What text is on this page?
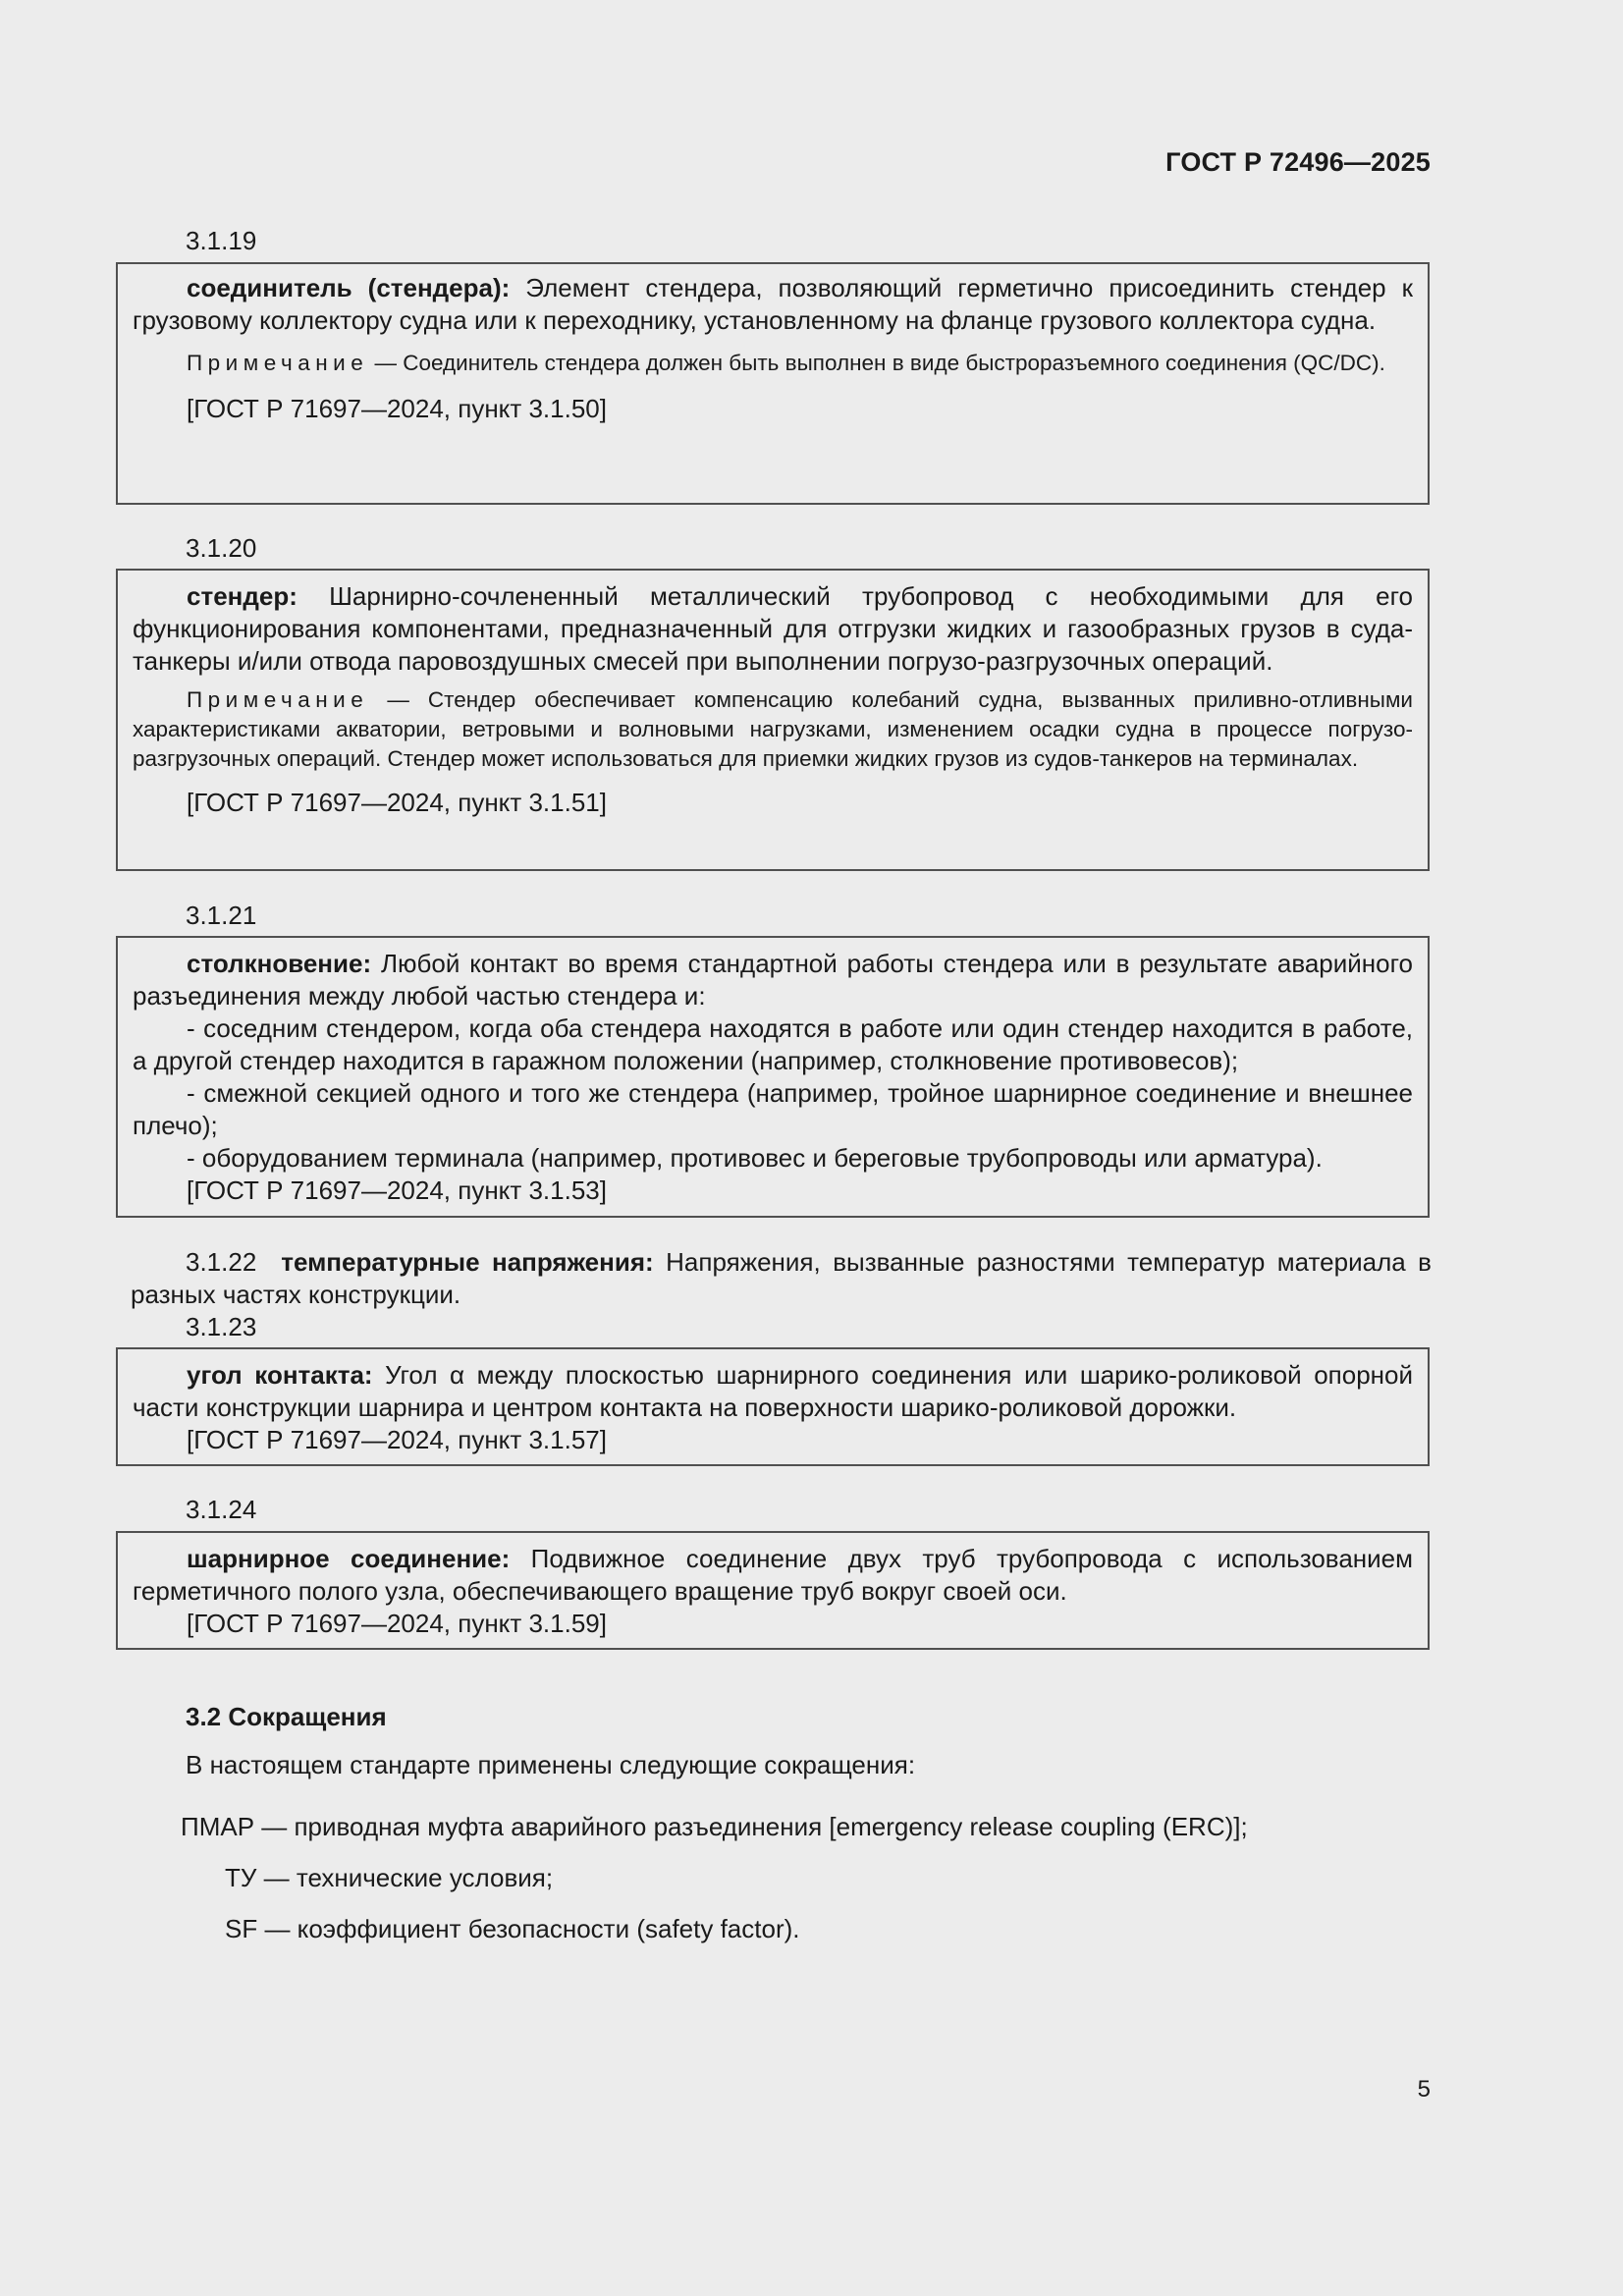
ГОСТ Р 72496—2025
3.1.19

соединитель (стендера): Элемент стендера, позволяющий герметично присоединить стендер к грузовому коллектору судна или к переходнику, установленному на фланце грузового коллектора судна.

Примечание — Соединитель стендера должен быть выполнен в виде быстроразъемного соединения (QC/DC).

[ГОСТ Р 71697—2024, пункт 3.1.50]

3.1.20

стендер: Шарнирно-сочлененный металлический трубопровод с необходимыми для его функционирования компонентами, предназначенный для отгрузки жидких и газообразных грузов в суда-танкеры и/или отвода паровоздушных смесей при выполнении погрузо-разгрузочных операций.

Примечание — Стендер обеспечивает компенсацию колебаний судна, вызванных приливно-отливными характеристиками акватории, ветровыми и волновыми нагрузками, изменением осадки судна в процессе погрузо-разгрузочных операций. Стендер может использоваться для приемки жидких грузов из судов-танкеров на терминалах.

[ГОСТ Р 71697—2024, пункт 3.1.51]

3.1.21

столкновение: Любой контакт во время стандартной работы стендера или в результате аварийного разъединения между любой частью стендера и:

- соседним стендером, когда оба стендера находятся в работе или один стендер находится в работе, а другой стендер находится в гаражном положении (например, столкновение противовесов);

- смежной секцией одного и того же стендера (например, тройное шарнирное соединение и внешнее плечо);

- оборудованием терминала (например, противовес и береговые трубопроводы или арматура).

[ГОСТ Р 71697—2024, пункт 3.1.53]

3.1.22 температурные напряжения: Напряжения, вызванные разностями температур материала в разных частях конструкции.

3.1.23

угол контакта: Угол α между плоскостью шарнирного соединения или шарико-роликовой опорной части конструкции шарнира и центром контакта на поверхности шарико-роликовой дорожки.

[ГОСТ Р 71697—2024, пункт 3.1.57]

3.1.24

шарнирное соединение: Подвижное соединение двух труб трубопровода с использованием герметичного полого узла, обеспечивающего вращение труб вокруг своей оси.

[ГОСТ Р 71697—2024, пункт 3.1.59]

3.2 Сокращения
В настоящем стандарте применены следующие сокращения:
ПМАР — приводная муфта аварийного разъединения [emergency release coupling (ERC)];
ТУ — технические условия;
SF — коэффициент безопасности (safety factor).
5
